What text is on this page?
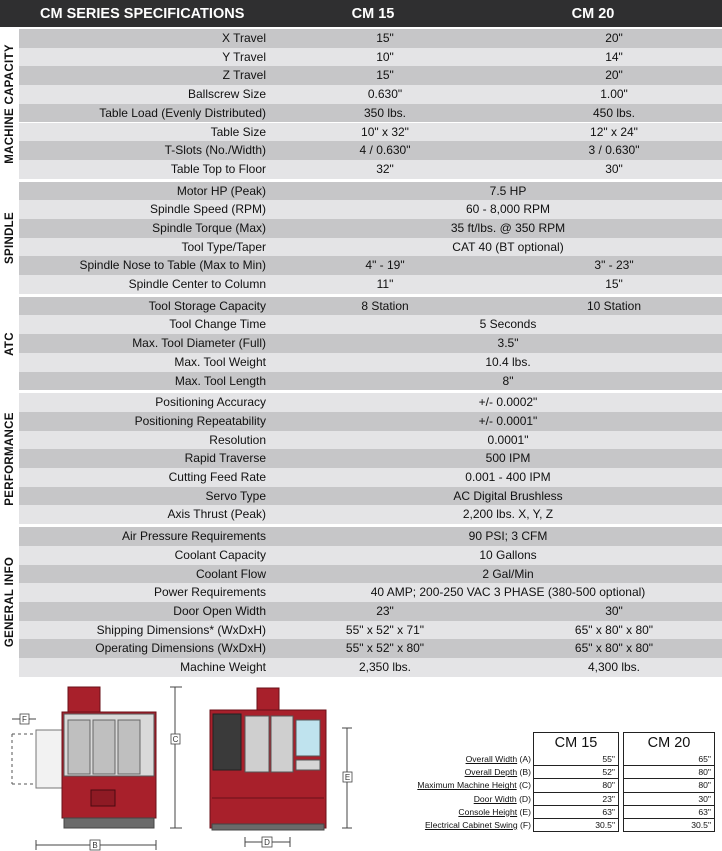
CM SERIES SPECIFICATIONS	CM 15	CM 20
MACHINE CAPACITY
X Travel	15"	20"
Y Travel	10"	14"
Z Travel	15"	20"
Ballscrew Size	0.630"	1.00"
Table Load (Evenly Distributed)	350 lbs.	450 lbs.
Table Size	10" x 32"	12" x 24"
T-Slots (No./Width)	4 / 0.630"	3 / 0.630"
Table Top to Floor	32"	30"
SPINDLE
Motor HP (Peak)	7.5 HP
Spindle Speed (RPM)	60 - 8,000 RPM
Spindle Torque (Max)	35 ft/lbs. @ 350 RPM
Tool Type/Taper	CAT 40 (BT optional)
Spindle Nose to Table (Max to Min)	4" - 19"	3" - 23"
Spindle Center to Column	11"	15"
ATC
Tool Storage Capacity	8 Station	10 Station
Tool Change Time	5 Seconds
Max. Tool Diameter (Full)	3.5"
Max. Tool Weight	10.4 lbs.
Max. Tool Length	8"
PERFORMANCE
Positioning Accuracy	+/- 0.0002"
Positioning Repeatability	+/- 0.0001"
Resolution	0.0001"
Rapid Traverse	500 IPM
Cutting Feed Rate	0.001 - 400 IPM
Servo Type	AC Digital Brushless
Axis Thrust (Peak)	2,200 lbs. X, Y, Z
GENERAL INFO
Air Pressure Requirements	90 PSI; 3 CFM
Coolant Capacity	10 Gallons
Coolant Flow	2 Gal/Min
Power Requirements	40 AMP; 200-250 VAC 3 PHASE (380-500 optional)
Door Open Width	23"	30"
Shipping Dimensions* (WxDxH)	55" x 52" x 71"	65" x 80" x 80"
Operating Dimensions (WxDxH)	55" x 52" x 80"	65" x 80" x 80"
Machine Weight	2,350 lbs.	4,300 lbs.
C
F
B
E
D
CM 15	CM 20
Overall Width (A)	55"	65"
Overall Depth (B)	52"	80"
Maximum Machine Height (C)	80"	80"
Door Width (D)	23"	30"
Console Height (E)	63"	63"
Electrical Cabinet Swing (F)	30.5"	30.5"
